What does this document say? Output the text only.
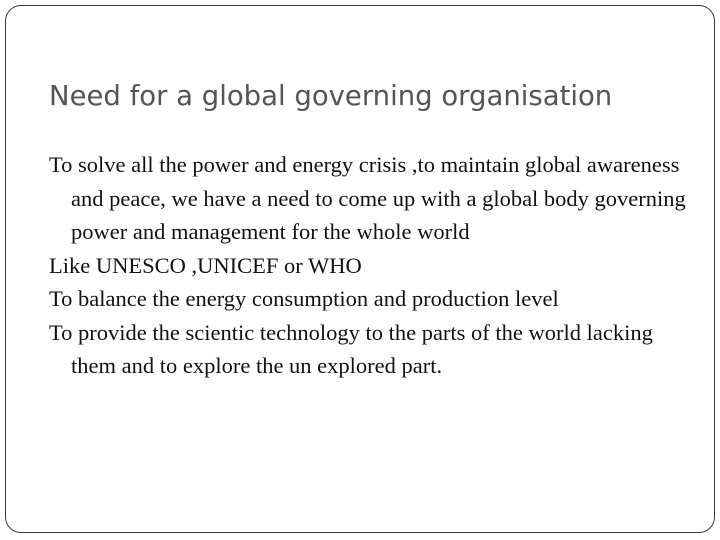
Need for a global governing organisation

To solve all the power and energy crisis ,to maintain global awareness and peace, we have a need to come up with a global body governing power and management for the whole world

Like UNESCO ,UNICEF or WHO

To balance the energy consumption and production level

To provide the scientic technology to the parts of the world lacking them and to explore the un explored part.
